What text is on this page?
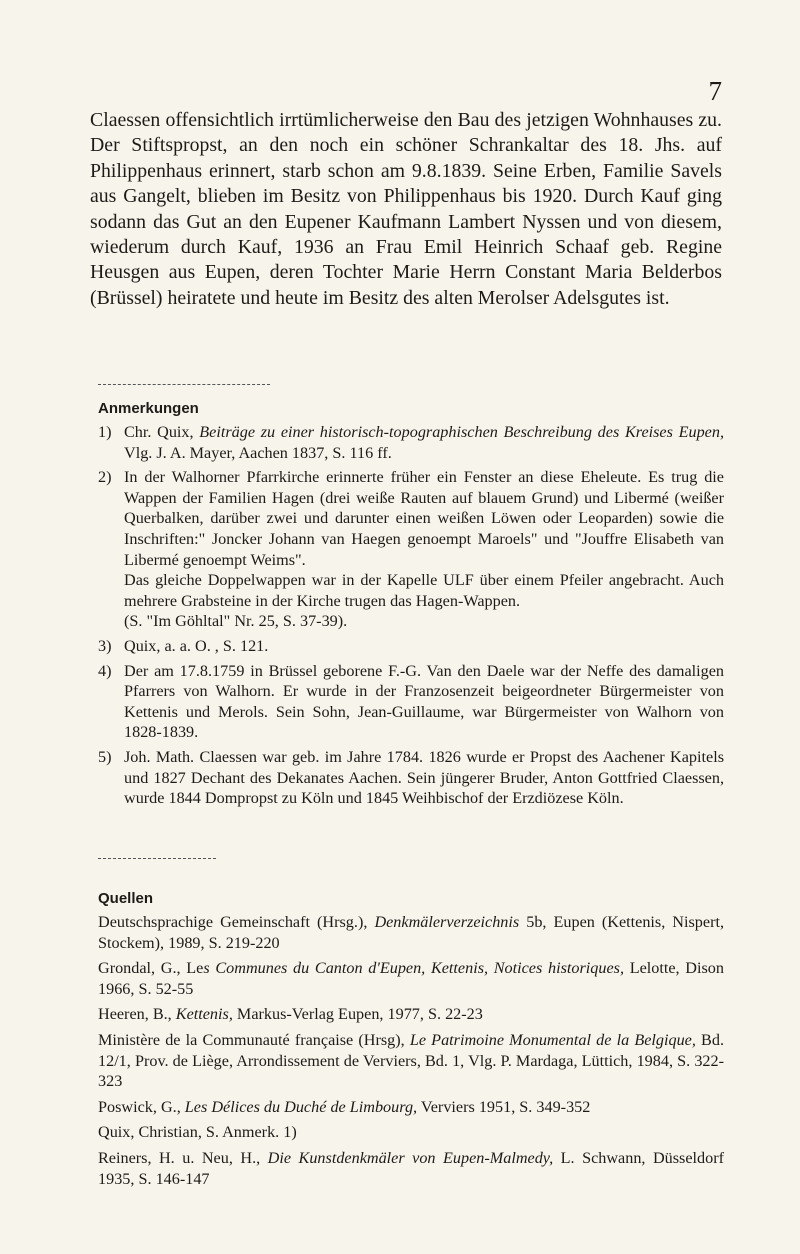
7

Claessen offensichtlich irrtümlicherweise den Bau des jetzigen Wohnhauses zu. Der Stiftspropst, an den noch ein schöner Schrankaltar des 18. Jhs. auf Philippenhaus erinnert, starb schon am 9.8.1839. Seine Erben, Familie Savels aus Gangelt, blieben im Besitz von Philippenhaus bis 1920. Durch Kauf ging sodann das Gut an den Eupener Kaufmann Lambert Nyssen und von diesem, wiederum durch Kauf, 1936 an Frau Emil Heinrich Schaaf geb. Regine Heusgen aus Eupen, deren Tochter Marie Herrn Constant Maria Belderbos (Brüssel) heiratete und heute im Besitz des alten Merolser Adelsgutes ist.

Anmerkungen
1) Chr. Quix, Beiträge zu einer historisch-topographischen Beschreibung des Kreises Eupen, Vlg. J. A. Mayer, Aachen 1837, S. 116 ff.
2) In der Walhorner Pfarrkirche erinnerte früher ein Fenster an diese Eheleute. Es trug die Wappen der Familien Hagen (drei weiße Rauten auf blauem Grund) und Libermé (weißer Querbalken, darüber zwei und darunter einen weißen Löwen oder Leoparden) sowie die Inschriften:" Joncker Johann van Haegen genoempt Maroels" und "Jouffre Elisabeth van Libermé genoempt Weims".

Das gleiche Doppelwappen war in der Kapelle ULF über einem Pfeiler angebracht. Auch mehrere Grabsteine in der Kirche trugen das Hagen-Wappen.

(S. "Im Göhltal" Nr. 25, S. 37-39).

3) Quix, a. a. O. , S. 121.
4) Der am 17.8.1759 in Brüssel geborene F.-G. Van den Daele war der Neffe des damaligen Pfarrers von Walhorn. Er wurde in der Franzosenzeit beigeordneter Bürgermeister von Kettenis und Merols. Sein Sohn, Jean-Guillaume, war Bürgermeister von Walhorn von 1828-1839.
5) Joh. Math. Claessen war geb. im Jahre 1784. 1826 wurde er Propst des Aachener Kapitels und 1827 Dechant des Dekanates Aachen. Sein jüngerer Bruder, Anton Gottfried Claessen, wurde 1844 Dompropst zu Köln und 1845 Weihbischof der Erzdiözese Köln.
Quellen

Deutschsprachige Gemeinschaft (Hrsg.), Denkmälerverzeichnis 5b, Eupen (Kettenis, Nispert, Stockem), 1989, S. 219-220

Grondal, G., Les Communes du Canton d'Eupen, Kettenis, Notices historiques, Lelotte, Dison 1966, S. 52-55

Heeren, B., Kettenis, Markus-Verlag Eupen, 1977, S. 22-23

Ministère de la Communauté française (Hrsg), Le Patrimoine Monumental de la Belgique, Bd. 12/1, Prov. de Liège, Arrondissement de Verviers, Bd. 1, Vlg. P. Mardaga, Lüttich, 1984, S. 322-323

Poswick, G., Les Délices du Duché de Limbourg, Verviers 1951, S. 349-352

Quix, Christian, S. Anmerk. 1)

Reiners, H. u. Neu, H., Die Kunstdenkmäler von Eupen-Malmedy, L. Schwann, Düsseldorf 1935, S. 146-147
